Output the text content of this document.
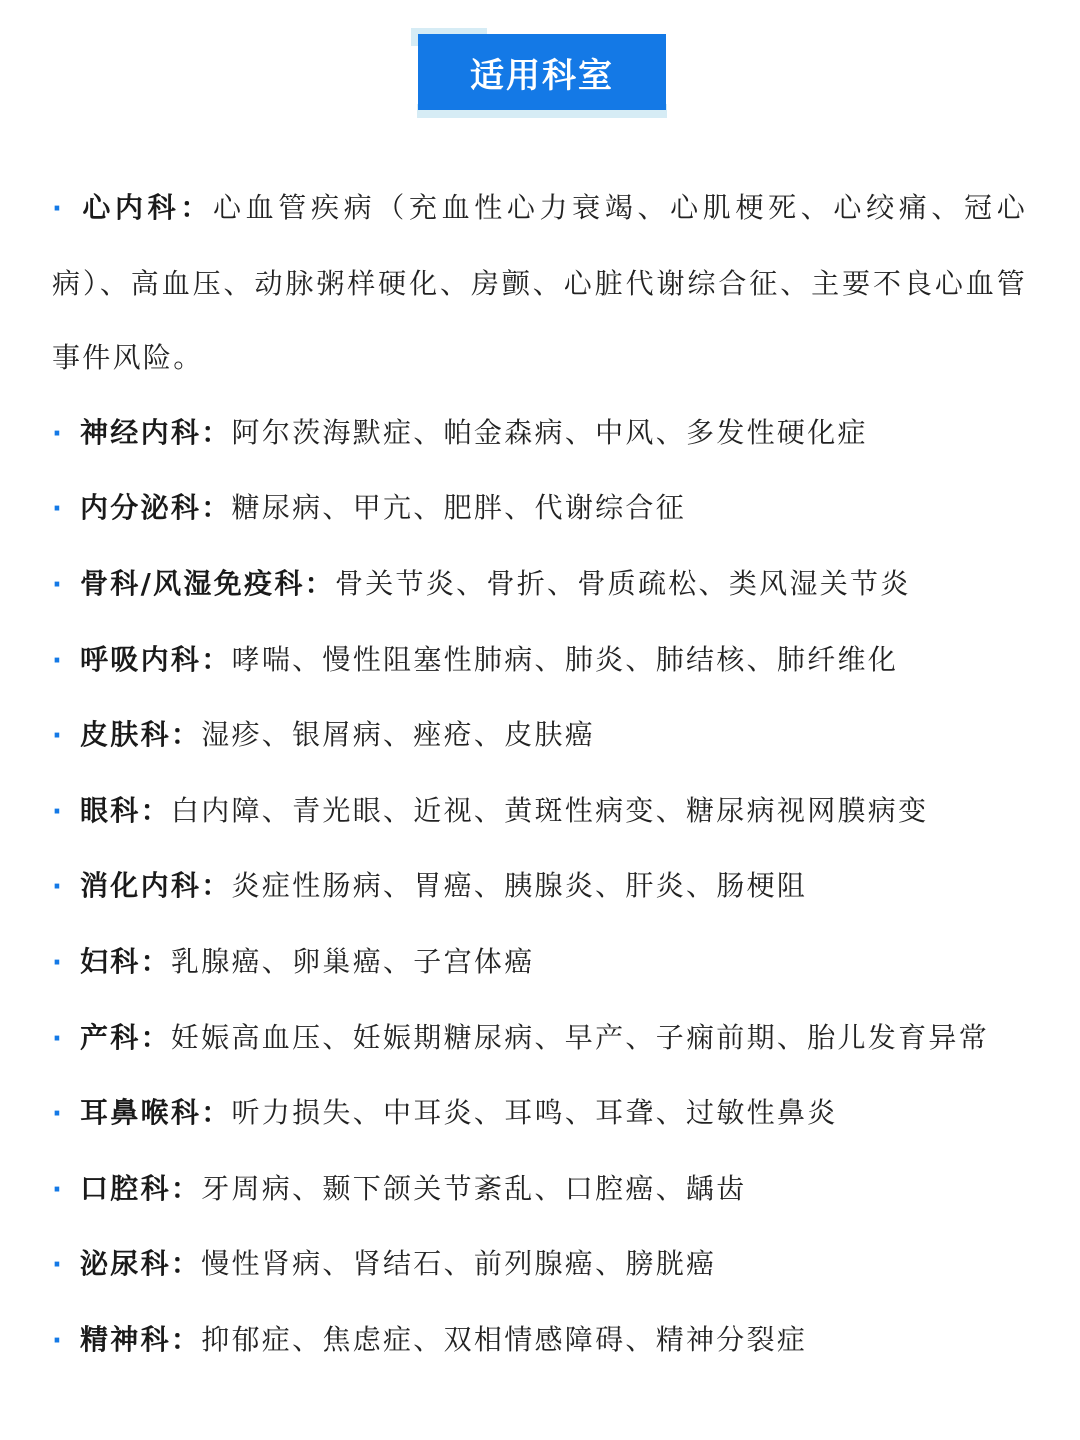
适用科室
· 心内科：心血管疾病（充血性心力衰竭、心肌梗死、心绞痛、冠心病）、高血压、动脉粥样硬化、房颤、心脏代谢综合征、主要不良心血管事件风险。
· 神经内科：阿尔茨海默症、帕金森病、中风、多发性硬化症
· 内分泌科：糖尿病、甲亢、肥胖、代谢综合征
· 骨科/风湿免疫科：骨关节炎、骨折、骨质疏松、类风湿关节炎
· 呼吸内科：哮喘、慢性阻塞性肺病、肺炎、肺结核、肺纤维化
· 皮肤科：湿疹、银屑病、痤疮、皮肤癌
· 眼科：白内障、青光眼、近视、黄斑性病变、糖尿病视网膜病变
· 消化内科：炎症性肠病、胃癌、胰腺炎、肝炎、肠梗阻
· 妇科：乳腺癌、卵巢癌、子宫体癌
· 产科：妊娠高血压、妊娠期糖尿病、早产、子痫前期、胎儿发育异常
· 耳鼻喉科：听力损失、中耳炎、耳鸣、耳聋、过敏性鼻炎
· 口腔科：牙周病、颞下颌关节紊乱、口腔癌、龋齿
· 泌尿科：慢性肾病、肾结石、前列腺癌、膀胱癌
· 精神科：抑郁症、焦虑症、双相情感障碍、精神分裂症
